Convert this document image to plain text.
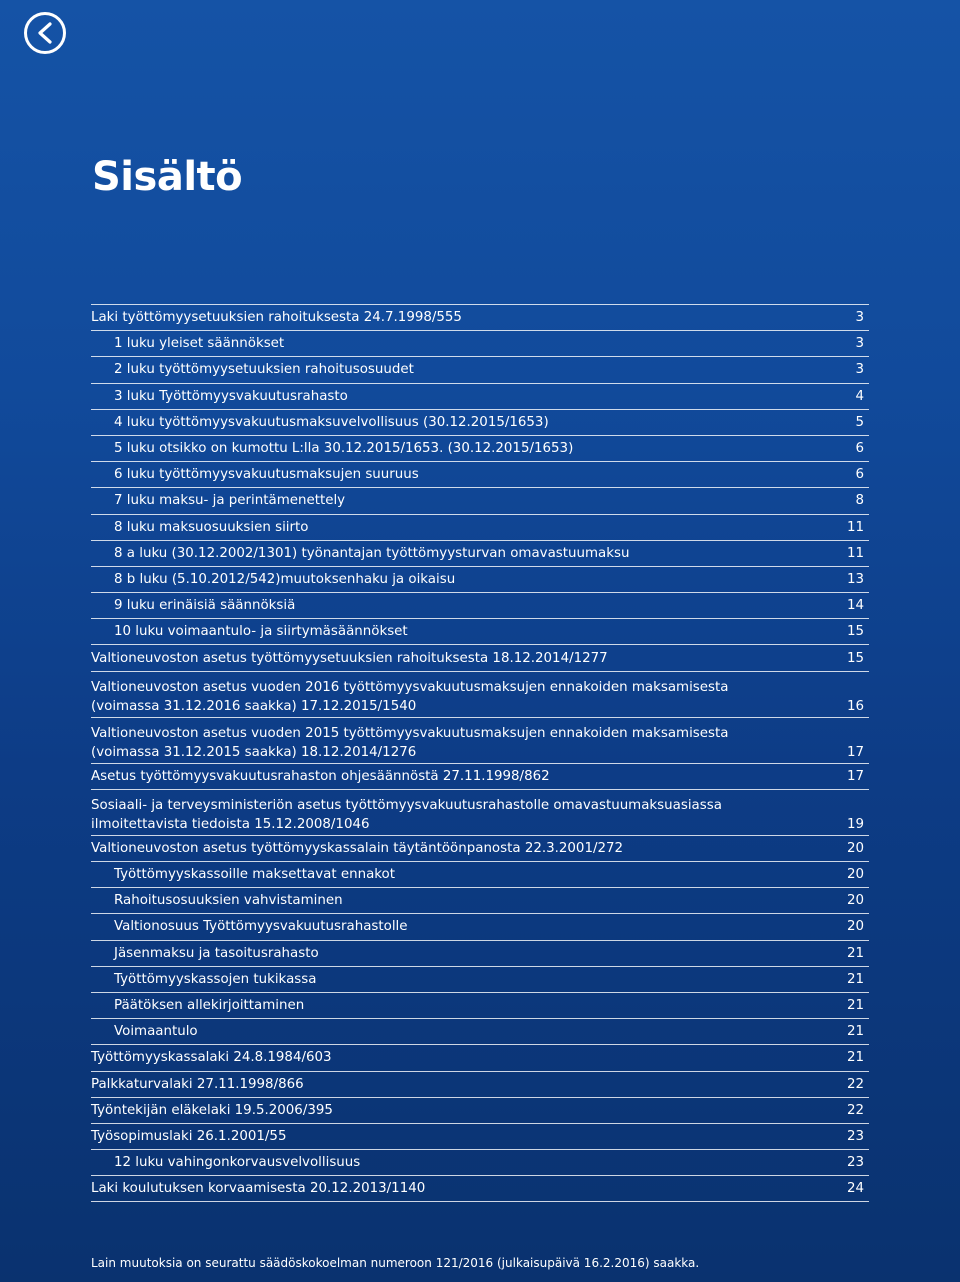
Sisältö
Laki työttömyysetuuksien rahoituksesta 24.7.1998/555	3
1 luku yleiset säännökset	3
2 luku työttömyysetuuksien rahoitusosuudet	3
3 luku Työttömyysvakuutusrahasto	4
4 luku työttömyysvakuutusmaksuvelvollisuus (30.12.2015/1653)	5
5 luku otsikko on kumottu L:lla 30.12.2015/1653. (30.12.2015/1653)	6
6 luku työttömyysvakuutusmaksujen suuruus	6
7 luku maksu- ja perintämenettely	8
8 luku maksuosuuksien siirto	11
8 a luku (30.12.2002/1301) työnantajan työttömyysturvan omavastuumaksu	11
8 b luku (5.10.2012/542)muutoksenhaku ja oikaisu	13
9 luku erinäisiä säännöksiä	14
10 luku voimaantulo- ja siirtymäsäännökset	15
Valtioneuvoston asetus työttömyysetuuksien rahoituksesta 18.12.2014/1277	15
Valtioneuvoston asetus vuoden 2016 työttömyysvakuutusmaksujen ennakoiden maksamisesta (voimassa 31.12.2016 saakka) 17.12.2015/1540	16
Valtioneuvoston asetus vuoden 2015 työttömyysvakuutusmaksujen ennakoiden maksamisesta (voimassa 31.12.2015 saakka) 18.12.2014/1276	17
Asetus työttömyysvakuutusrahaston ohjesäännöstä 27.11.1998/862	17
Sosiaali- ja terveysministeriön asetus työttömyysvakuutusrahastolle omavastuumaksuasiassa ilmoitettavista tiedoista 15.12.2008/1046	19
Valtioneuvoston asetus työttömyyskassalain täytäntöönpanosta 22.3.2001/272	20
Työttömyyskassoille maksettavat ennakot	20
Rahoitusosuuksien vahvistaminen	20
Valtionosuus Työttömyysvakuutusrahastolle	20
Jäsenmaksu ja tasoitusrahasto	21
Työttömyyskassojen tukikassa	21
Päätöksen allekirjoittaminen	21
Voimaantulo	21
Työttömyyskassalaki 24.8.1984/603	21
Palkkaturvalaki 27.11.1998/866	22
Työntekijän eläkelaki 19.5.2006/395	22
Työsopimuslaki 26.1.2001/55	23
12 luku vahingonkorvausvelvollisuus	23
Laki koulutuksen korvaamisesta 20.12.2013/1140	24

Lain muutoksia on seurattu säädöskokoelman numeroon 121/2016 (julkaisupäivä 16.2.2016) saakka.
